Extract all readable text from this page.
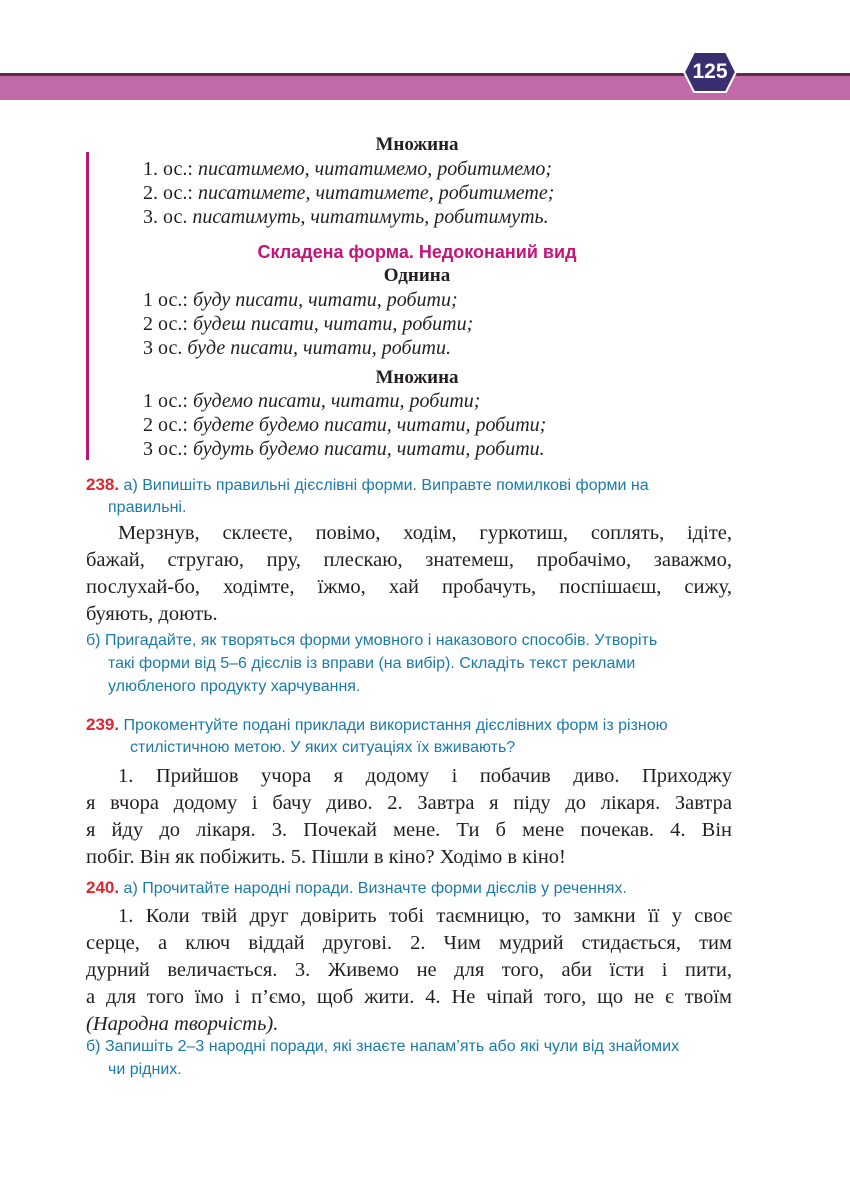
125
Множина
1. ос.: писатимемо, читатимемо, робитимемо;
2. ос.: писатимете, читатимете, робитимете;
3. ос. писатимуть, читатимуть, робитимуть.
Складена форма. Недоконаний вид
Однина
1 ос.: буду писати, читати, робити;
2 ос.: будеш писати, читати, робити;
3 ос. буде писати, читати, робити.
Множина
1 ос.: будемо писати, читати, робити;
2 ос.: будете будемо писати, читати, робити;
3 ос.: будуть будемо писати, читати, робити.
238. а) Випишіть правильні дієслівні форми. Виправте помилкові форми на
правильні.
Мерзнув, склеєте, повімо, ходім, гуркотиш, соплять, ідіте,
бажай, стругаю, пру, плескаю, знатемеш, пробачімо, заважмо,
послухай-бо, ходімте, їжмо, хай пробачуть, поспішаєш, сижу,
буяють, доють.
б) Пригадайте, як творяться форми умовного і наказового способів. Утворіть
такі форми від 5–6 дієслів із вправи (на вибір). Складіть текст реклами
улюбленого продукту харчування.
239. Прокоментуйте подані приклади використання дієслівних форм із різною
стилістичною метою. У яких ситуаціях їх вживають?
1. Прийшов учора я додому і побачив диво. Приходжу
я вчора додому і бачу диво. 2. Завтра я піду до лікаря. Завтра
я йду до лікаря. 3. Почекай мене. Ти б мене почекав. 4. Він
побіг. Він як побіжить. 5. Пішли в кіно? Ходімо в кіно!
240. а) Прочитайте народні поради. Визначте форми дієслів у реченнях.
1. Коли твій друг довірить тобі таємницю, то замкни її у своє
серце, а ключ віддай другові. 2. Чим мудрий стидається, тим
дурний величається. 3. Живемо не для того, аби їсти і пити,
а для того їмо і п’ємо, щоб жити. 4. Не чіпай того, що не є твоїм
(Народна творчість).
б) Запишіть 2–3 народні поради, які знаєте напам’ять або які чули від знайомих
чи рідних.
